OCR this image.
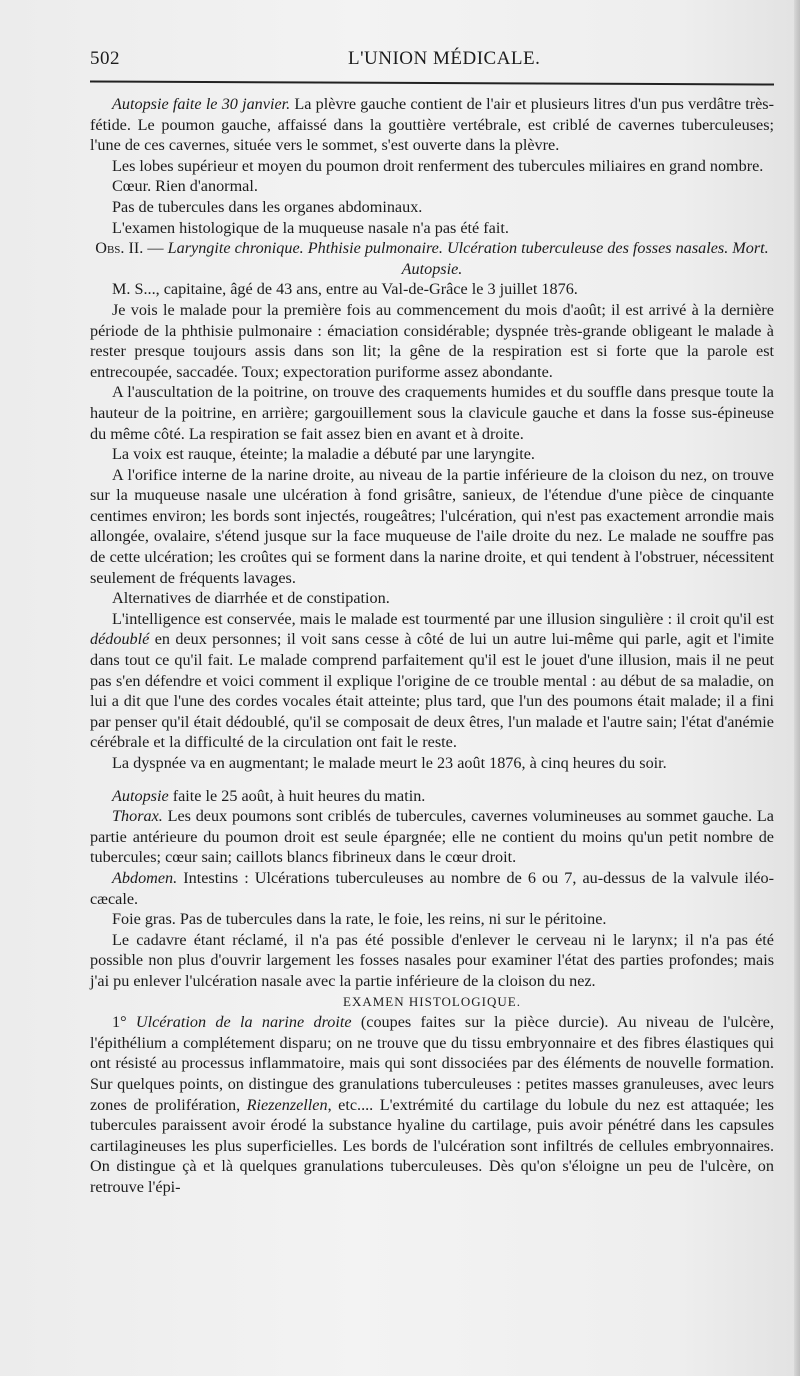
502	L'UNION MÉDICALE.

Autopsie faite le 30 janvier. La plèvre gauche contient de l'air et plusieurs litres d'un pus verdâtre très-fétide. Le poumon gauche, affaissé dans la gouttière vertébrale, est criblé de cavernes tuberculeuses; l'une de ces cavernes, située vers le sommet, s'est ouverte dans la plèvre.

Les lobes supérieur et moyen du poumon droit renferment des tubercules miliaires en grand nombre.

Cœur. Rien d'anormal.

Pas de tubercules dans les organes abdominaux.

L'examen histologique de la muqueuse nasale n'a pas été fait.

Obs. II. — Laryngite chronique. Phthisie pulmonaire. Ulcération tuberculeuse des fosses nasales. Mort. Autopsie.

M. S..., capitaine, âgé de 43 ans, entre au Val-de-Grâce le 3 juillet 1876.

Je vois le malade pour la première fois au commencement du mois d'août; il est arrivé à la dernière période de la phthisie pulmonaire : émaciation considérable; dyspnée très-grande obligeant le malade à rester presque toujours assis dans son lit; la gêne de la respiration est si forte que la parole est entrecoupée, saccadée. Toux; expectoration puriforme assez abondante.

A l'auscultation de la poitrine, on trouve des craquements humides et du souffle dans presque toute la hauteur de la poitrine, en arrière; gargouillement sous la clavicule gauche et dans la fosse sus-épineuse du même côté. La respiration se fait assez bien en avant et à droite.

La voix est rauque, éteinte; la maladie a débuté par une laryngite.

A l'orifice interne de la narine droite, au niveau de la partie inférieure de la cloison du nez, on trouve sur la muqueuse nasale une ulcération à fond grisâtre, sanieux, de l'étendue d'une pièce de cinquante centimes environ; les bords sont injectés, rougeâtres; l'ulcération, qui n'est pas exactement arrondie mais allongée, ovalaire, s'étend jusque sur la face muqueuse de l'aile droite du nez. Le malade ne souffre pas de cette ulcération; les croûtes qui se forment dans la narine droite, et qui tendent à l'obstruer, nécessitent seulement de fréquents lavages.

Alternatives de diarrhée et de constipation.

L'intelligence est conservée, mais le malade est tourmenté par une illusion singulière : il croit qu'il est dédoublé en deux personnes; il voit sans cesse à côté de lui un autre lui-même qui parle, agit et l'imite dans tout ce qu'il fait. Le malade comprend parfaitement qu'il est le jouet d'une illusion, mais il ne peut pas s'en défendre et voici comment il explique l'origine de ce trouble mental : au début de sa maladie, on lui a dit que l'une des cordes vocales était atteinte; plus tard, que l'un des poumons était malade; il a fini par penser qu'il était dédoublé, qu'il se composait de deux êtres, l'un malade et l'autre sain; l'état d'anémie cérébrale et la difficulté de la circulation ont fait le reste.

La dyspnée va en augmentant; le malade meurt le 23 août 1876, à cinq heures du soir.

Autopsie faite le 25 août, à huit heures du matin.

Thorax. Les deux poumons sont criblés de tubercules, cavernes volumineuses au sommet gauche. La partie antérieure du poumon droit est seule épargnée; elle ne contient du moins qu'un petit nombre de tubercules; cœur sain; caillots blancs fibrineux dans le cœur droit.

Abdomen. Intestins : Ulcérations tuberculeuses au nombre de 6 ou 7, au-dessus de la valvule iléo-cæcale.

Foie gras. Pas de tubercules dans la rate, le foie, les reins, ni sur le péritoine.

Le cadavre étant réclamé, il n'a pas été possible d'enlever le cerveau ni le larynx; il n'a pas été possible non plus d'ouvrir largement les fosses nasales pour examiner l'état des parties profondes; mais j'ai pu enlever l'ulcération nasale avec la partie inférieure de la cloison du nez.

EXAMEN HISTOLOGIQUE.

1° Ulcération de la narine droite (coupes faites sur la pièce durcie). Au niveau de l'ulcère, l'épithélium a complétement disparu; on ne trouve que du tissu embryonnaire et des fibres élastiques qui ont résisté au processus inflammatoire, mais qui sont dissociées par des éléments de nouvelle formation. Sur quelques points, on distingue des granulations tuberculeuses : petites masses granuleuses, avec leurs zones de prolifération, Riezenzellen, etc.... L'extrémité du cartilage du lobule du nez est attaquée; les tubercules paraissent avoir érodé la substance hyaline du cartilage, puis avoir pénétré dans les capsules cartilagineuses les plus superficielles. Les bords de l'ulcération sont infiltrés de cellules embryonnaires. On distingue çà et là quelques granulations tuberculeuses. Dès qu'on s'éloigne un peu de l'ulcère, on retrouve l'épi-
